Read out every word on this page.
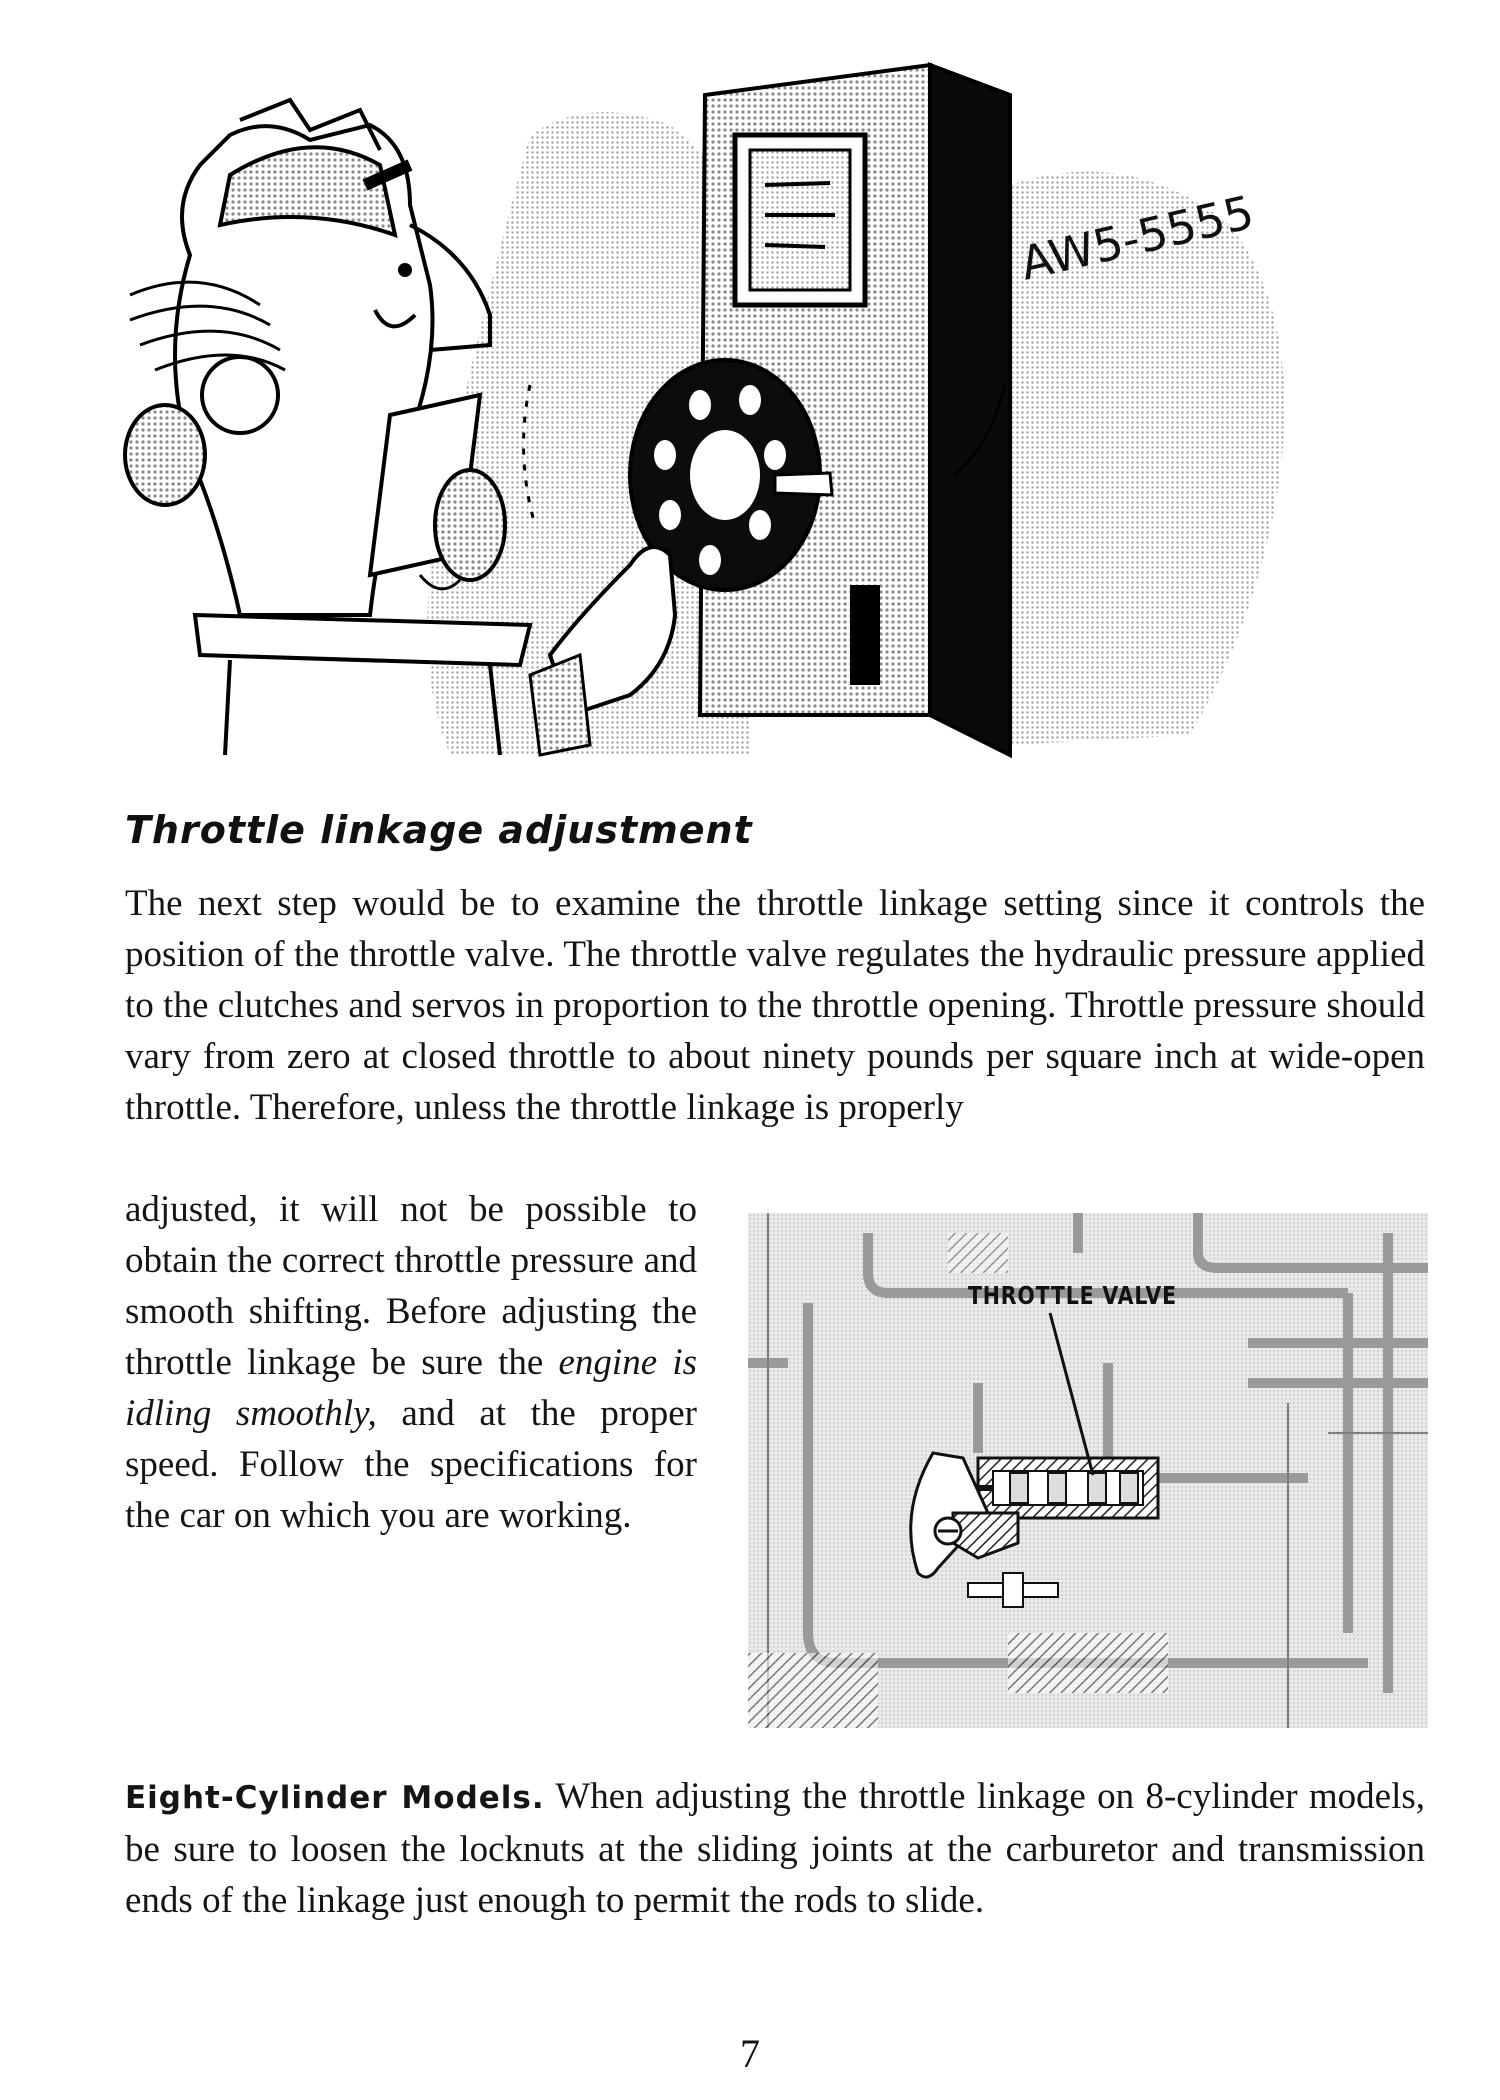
AW5-5555
Throttle linkage adjustment
The next step would be to examine the throttle linkage setting since it controls the position of the throttle valve. The throttle valve regulates the hydraulic pressure applied to the clutches and servos in proportion to the throttle opening. Throttle pressure should vary from zero at closed throttle to about ninety pounds per square inch at wide-open throttle. Therefore, unless the throttle linkage is properly
adjusted, it will not be possible to obtain the correct throttle pressure and smooth shifting. Before adjusting the throttle linkage be sure the engine is idling smoothly, and at the proper speed. Follow the specifications for the car on which you are working.
THROTTLE VALVE
Eight-Cylinder Models. When adjusting the throttle linkage on 8-cylinder models, be sure to loosen the locknuts at the sliding joints at the carburetor and transmission ends of the linkage just enough to permit the rods to slide.
7
